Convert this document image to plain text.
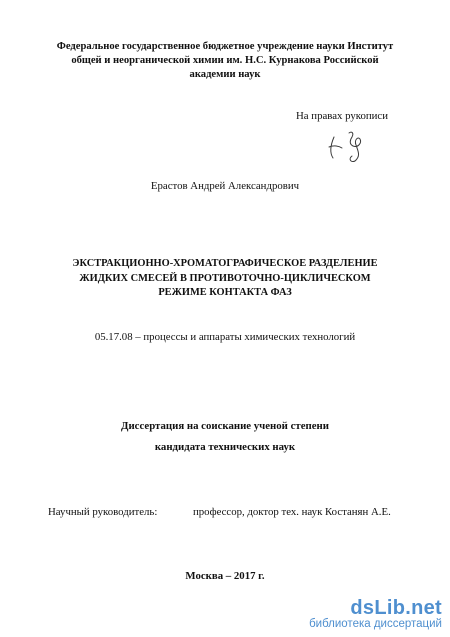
Федеральное государственное бюджетное учреждение науки Институт
общей и неорганической химии им. Н.С. Курнакова Российской
академии наук
На правах рукописи
Ерастов Андрей Александрович
ЭКСТРАКЦИОННО-ХРОМАТОГРАФИЧЕСКОЕ РАЗДЕЛЕНИЕ
ЖИДКИХ СМЕСЕЙ В ПРОТИВОТОЧНО-ЦИКЛИЧЕСКОМ
РЕЖИМЕ КОНТАКТА ФАЗ
05.17.08 – процессы и аппараты химических технологий
Диссертация на соискание ученой степени
кандидата технических наук
Научный руководитель:	профессор, доктор тех. наук Костанян А.Е.
Москва – 2017 г.
dsLib.net
библиотека диссертаций
